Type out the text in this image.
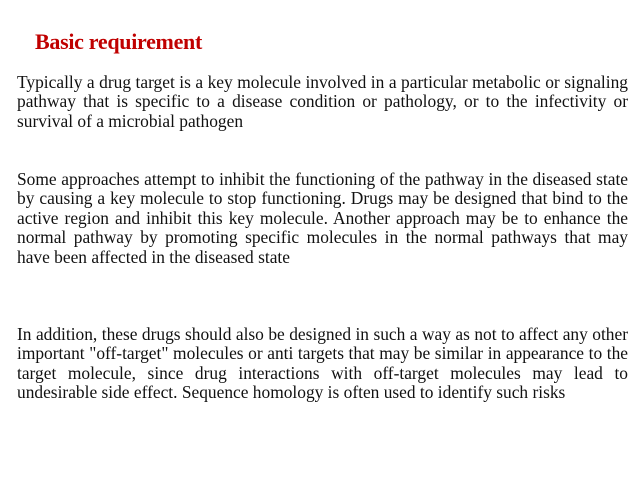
Basic requirement

Typically a drug target is a key molecule involved in a particular metabolic or signaling pathway that is specific to a disease condition or pathology, or to the infectivity or survival of a microbial pathogen

Some approaches attempt to inhibit the functioning of the pathway in the diseased state by causing a key molecule to stop functioning. Drugs may be designed that bind to the active region and inhibit this key molecule. Another approach may be to enhance the normal pathway by promoting specific molecules in the normal pathways that may have been affected in the diseased state

In addition, these drugs should also be designed in such a way as not to affect any other important "off-target" molecules or anti targets that may be similar in appearance to the target molecule, since drug interactions with off-target molecules may lead to undesirable side effect. Sequence homology is often used to identify such risks
